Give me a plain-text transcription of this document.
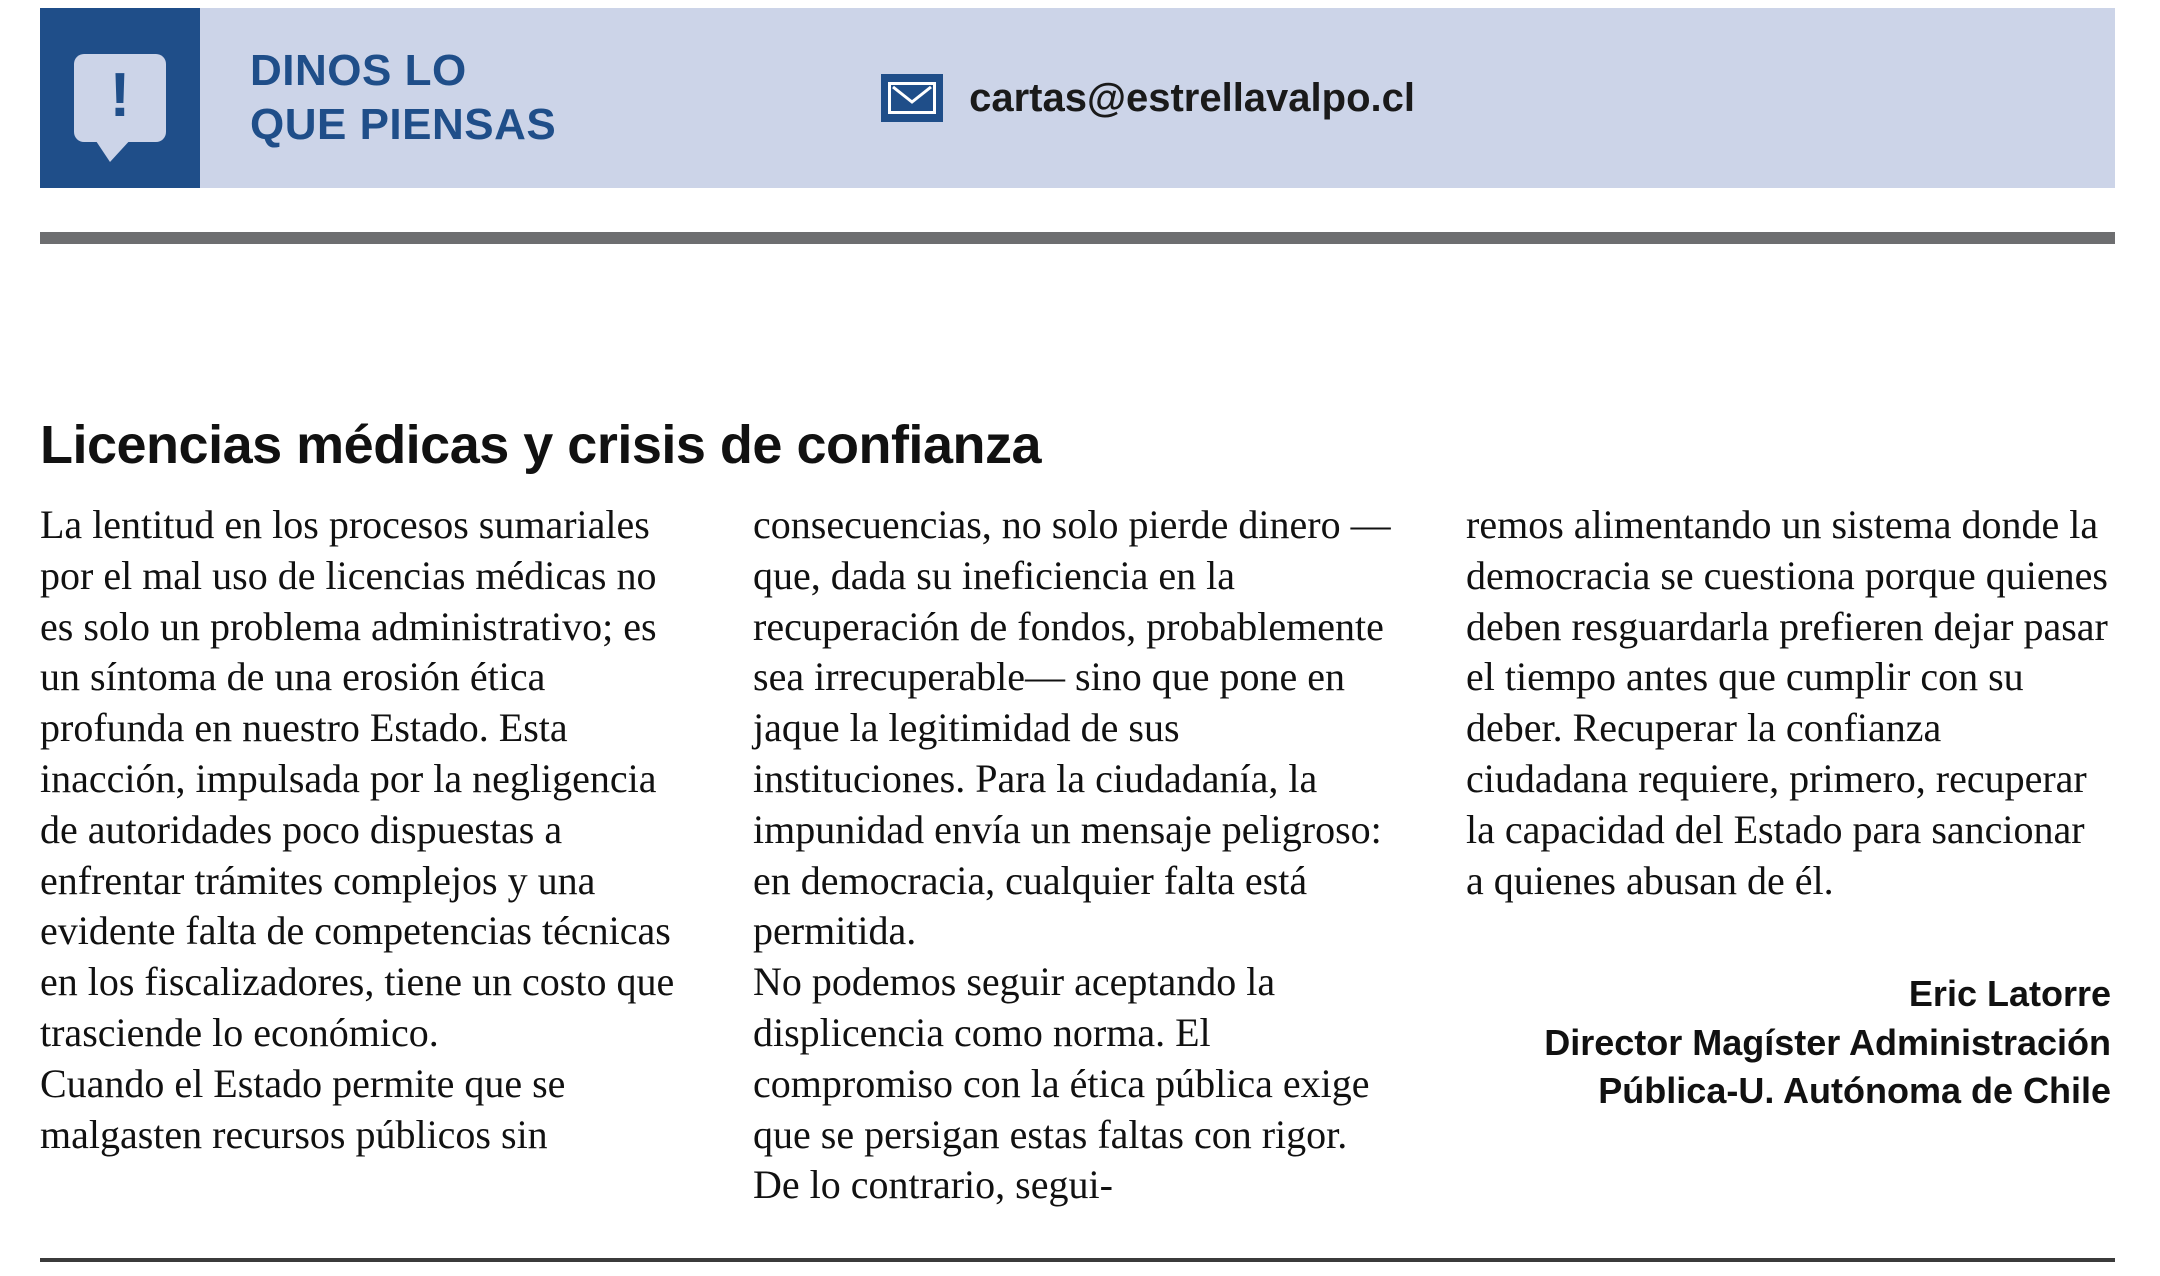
!	DINOS LO
QUE PIENSAS
cartas@estrellavalpo.cl
Licencias médicas y crisis de confianza

La lentitud en los procesos sumariales por el mal uso de licencias médicas no es solo un problema administrativo; es un síntoma de una erosión ética profunda en nuestro Estado. Esta inacción, impulsada por la negligencia de autoridades poco dispuestas a enfrentar trámites complejos y una evidente falta de competencias técnicas en los fiscalizadores, tiene un costo que trasciende lo económico.

Cuando el Estado permite que se malgasten recursos públicos sin

consecuencias, no solo pierde dinero —que, dada su ineficiencia en la recuperación de fondos, probablemente sea irrecuperable— sino que pone en jaque la legitimidad de sus instituciones. Para la ciudadanía, la impunidad envía un mensaje peligroso: en democracia, cualquier falta está permitida.

No podemos seguir aceptando la displicencia como norma. El compromiso con la ética pública exige que se persigan estas faltas con rigor. De lo contrario, segui-

remos alimentando un sistema donde la democracia se cuestiona porque quienes deben resguardarla prefieren dejar pasar el tiempo antes que cumplir con su deber. Recuperar la confianza ciudadana requiere, primero, recuperar la capacidad del Estado para sancionar a quienes abusan de él.

Eric Latorre
Director Magíster Administración
Pública-U. Autónoma de Chile
